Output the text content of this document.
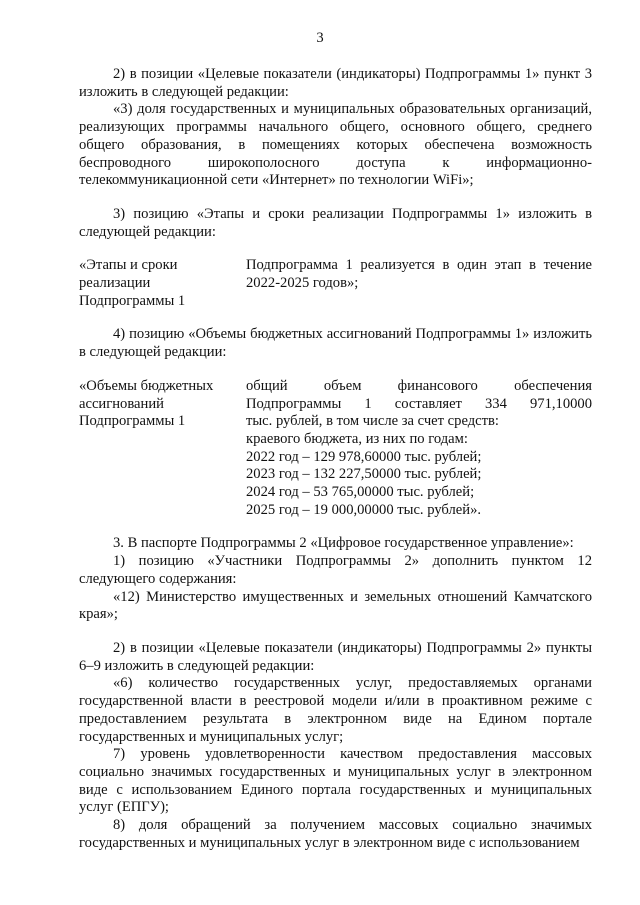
3

2) в позиции «Целевые показатели (индикаторы) Подпрограммы 1» пункт 3 изложить в следующей редакции:

«3) доля государственных и муниципальных образовательных организаций, реализующих программы начального общего, основного общего, среднего общего образования, в помещениях которых обеспечена возможность беспроводного широкополосного доступа к информационно-телекоммуникационной сети «Интернет» по технологии WiFi»;

3) позицию «Этапы и сроки реализации Подпрограммы 1» изложить в следующей редакции:

«Этапы и сроки
реализации
Подпрограммы 1
Подпрограмма 1 реализуется в один этап в течение
2022-2025 годов»;

4) позицию «Объемы бюджетных ассигнований Подпрограммы 1» изложить в следующей редакции:

«Объемы бюджетных
ассигнований
Подпрограммы 1
общий объем финансового обеспечения
Подпрограммы 1 составляет 334 971,10000
тыс. рублей, в том числе за счет средств:
краевого бюджета, из них по годам:
2022 год – 129 978,60000 тыс. рублей;
2023 год – 132 227,50000 тыс. рублей;
2024 год – 53 765,00000 тыс. рублей;
2025 год – 19 000,00000 тыс. рублей».

3. В паспорте Подпрограммы 2 «Цифровое государственное управление»:

1) позицию «Участники Подпрограммы 2» дополнить пунктом 12 следующего содержания:

«12) Министерство имущественных и земельных отношений Камчатского края»;

2) в позиции «Целевые показатели (индикаторы) Подпрограммы 2» пункты 6–9 изложить в следующей редакции:

«6) количество государственных услуг, предоставляемых органами государственной власти в реестровой модели и/или в проактивном режиме с предоставлением результата в электронном виде на Едином портале государственных и муниципальных услуг;

7) уровень удовлетворенности качеством предоставления массовых социально значимых государственных и муниципальных услуг в электронном виде с использованием Единого портала государственных и муниципальных услуг (ЕПГУ);

8) доля обращений за получением массовых социально значимых государственных и муниципальных услуг в электронном виде с использованием
